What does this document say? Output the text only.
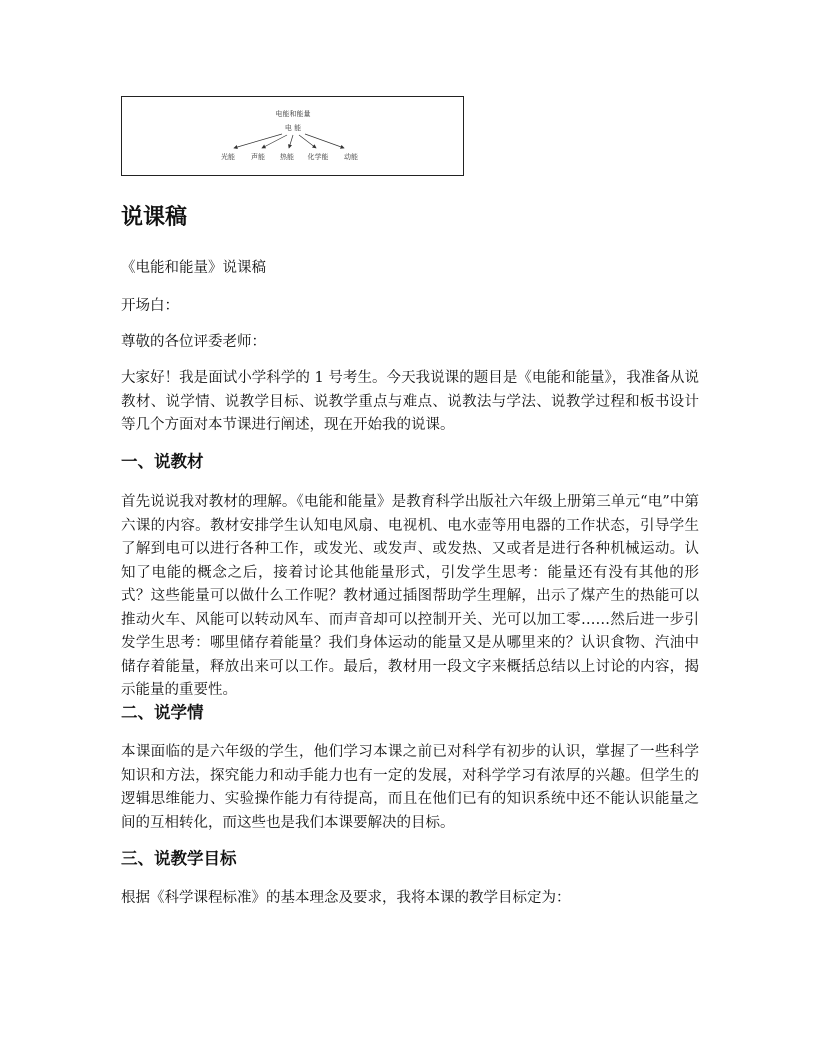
电能和能量
电 能
光能 声能 热能 化学能 动能
说课稿

《电能和能量》说课稿

开场白：

尊敬的各位评委老师：

大家好！我是面试小学科学的 1 号考生。今天我说课的题目是《电能和能量》，我准备从说教材、说学情、说教学目标、说教学重点与难点、说教法与学法、说教学过程和板书设计等几个方面对本节课进行阐述，现在开始我的说课。

一、说教材

首先说说我对教材的理解。《电能和能量》是教育科学出版社六年级上册第三单元“电”中第六课的内容。教材安排学生认知电风扇、电视机、电水壶等用电器的工作状态，引导学生了解到电可以进行各种工作，或发光、或发声、或发热、又或者是进行各种机械运动。认知了电能的概念之后，接着讨论其他能量形式，引发学生思考：能量还有没有其他的形式？这些能量可以做什么工作呢？教材通过插图帮助学生理解，出示了煤产生的热能可以推动火车、风能可以转动风车、而声音却可以控制开关、光可以加工零……然后进一步引发学生思考：哪里储存着能量？我们身体运动的能量又是从哪里来的？认识食物、汽油中储存着能量，释放出来可以工作。最后，教材用一段文字来概括总结以上讨论的内容，揭示能量的重要性。

二、说学情

本课面临的是六年级的学生，他们学习本课之前已对科学有初步的认识，掌握了一些科学知识和方法，探究能力和动手能力也有一定的发展，对科学学习有浓厚的兴趣。但学生的逻辑思维能力、实验操作能力有待提高，而且在他们已有的知识系统中还不能认识能量之间的互相转化，而这些也是我们本课要解决的目标。

三、说教学目标

根据《科学课程标准》的基本理念及要求，我将本课的教学目标定为：
